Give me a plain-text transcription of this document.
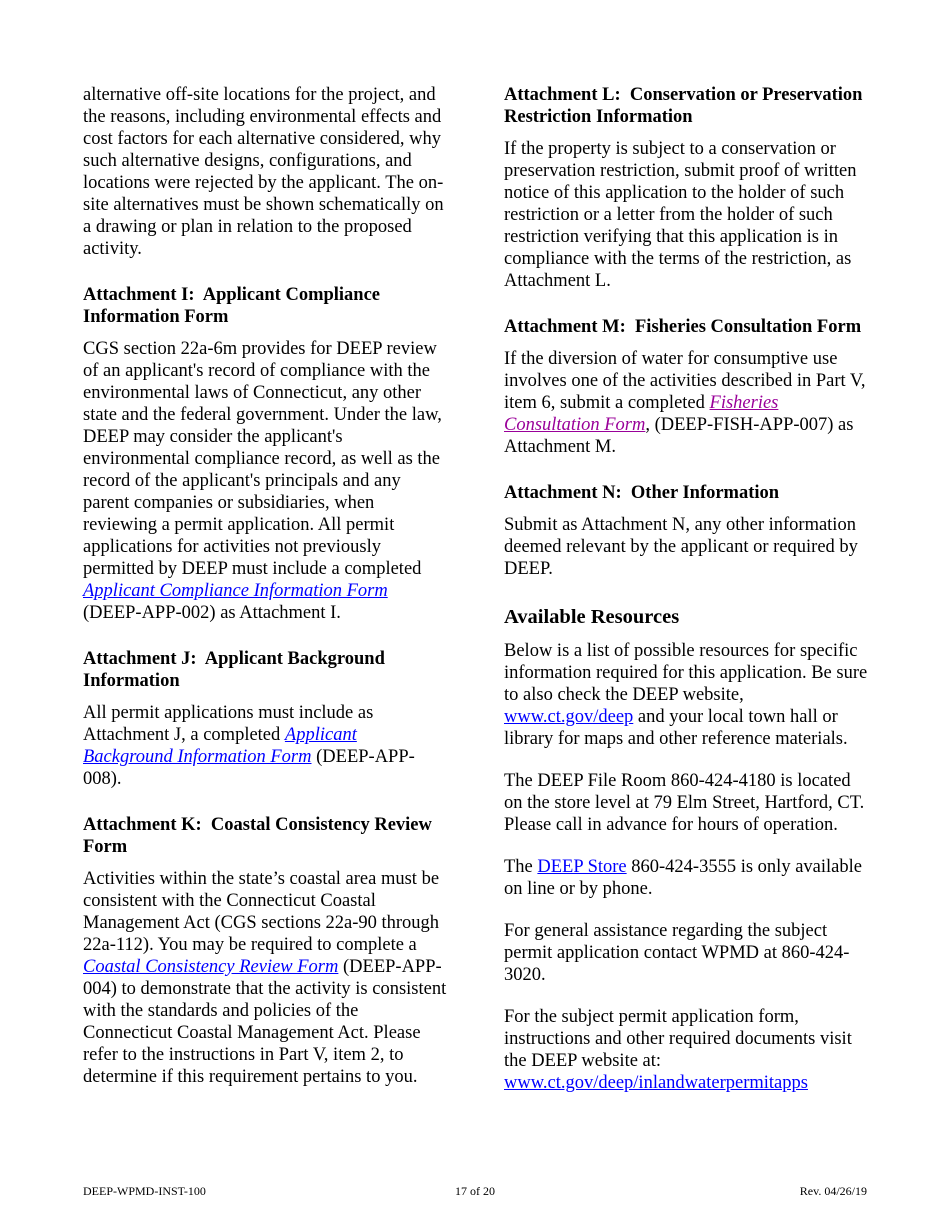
alternative off-site locations for the project, and the reasons, including environmental effects and cost factors for each alternative considered, why such alternative designs, configurations, and locations were rejected by the applicant. The on-site alternatives must be shown schematically on a drawing or plan in relation to the proposed activity.

Attachment I:  Applicant Compliance Information Form

CGS section 22a-6m provides for DEEP review of an applicant's record of compliance with the environmental laws of Connecticut, any other state and the federal government. Under the law, DEEP may consider the applicant's environmental compliance record, as well as the record of the applicant's principals and any parent companies or subsidiaries, when reviewing a permit application. All permit applications for activities not previously permitted by DEEP must include a completed Applicant Compliance Information Form (DEEP-APP-002) as Attachment I.

Attachment J:  Applicant Background Information

All permit applications must include as Attachment J, a completed Applicant Background Information Form (DEEP-APP-008).

Attachment K:  Coastal Consistency Review Form

Activities within the state’s coastal area must be consistent with the Connecticut Coastal Management Act (CGS sections 22a-90 through 22a-112). You may be required to complete a Coastal Consistency Review Form (DEEP-APP-004) to demonstrate that the activity is consistent with the standards and policies of the Connecticut Coastal Management Act. Please refer to the instructions in Part V, item 2, to determine if this requirement pertains to you.

Attachment L:  Conservation or Preservation Restriction Information

If the property is subject to a conservation or preservation restriction, submit proof of written notice of this application to the holder of such restriction or a letter from the holder of such restriction verifying that this application is in compliance with the terms of the restriction, as Attachment L.

Attachment M:  Fisheries Consultation Form

If the diversion of water for consumptive use involves one of the activities described in Part V, item 6, submit a completed Fisheries Consultation Form, (DEEP-FISH-APP-007) as Attachment M.

Attachment N:  Other Information

Submit as Attachment N, any other information deemed relevant by the applicant or required by DEEP.

Available Resources

Below is a list of possible resources for specific information required for this application. Be sure to also check the DEEP website, www.ct.gov/deep and your local town hall or library for maps and other reference materials.

The DEEP File Room 860-424-4180 is located on the store level at 79 Elm Street, Hartford, CT. Please call in advance for hours of operation.

The DEEP Store 860-424-3555 is only available on line or by phone.

For general assistance regarding the subject permit application contact WPMD at 860-424-3020.

For the subject permit application form, instructions and other required documents visit the DEEP website at: www.ct.gov/deep/inlandwaterpermitapps

DEEP-WPMD-INST-100	17 of 20	Rev. 04/26/19
